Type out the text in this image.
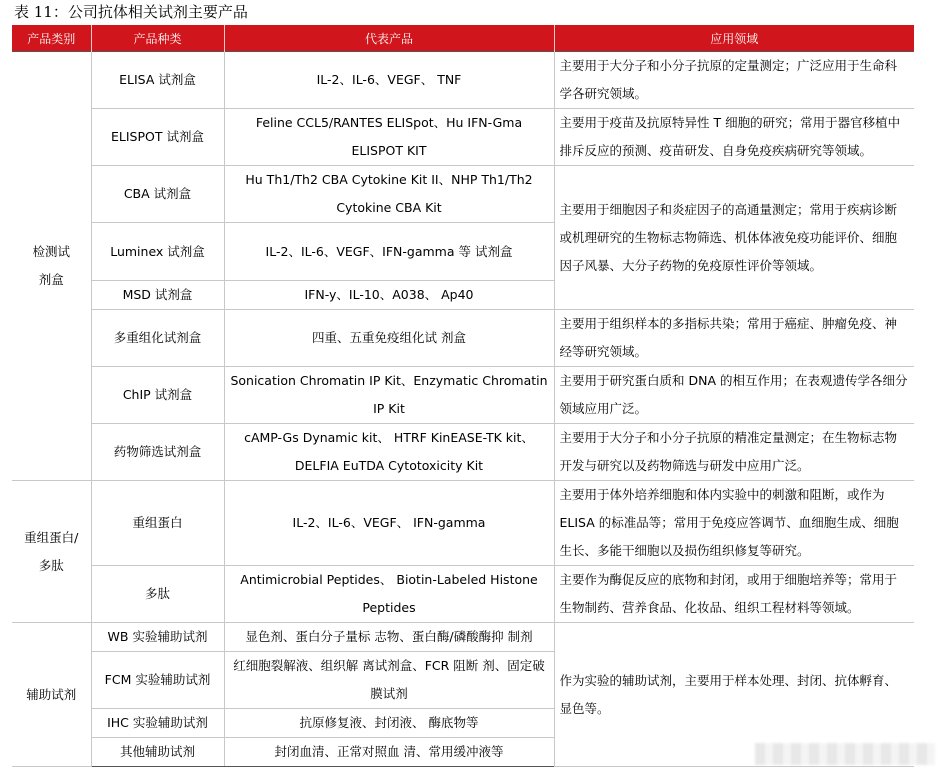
表 11：公司抗体相关试剂主要产品
产品类别	产品种类	代表产品	应用领域

检测试剂盒	ELISA 试剂盒	IL-2、IL-6、VEGF、 TNF	主要用于大分子和小分子抗原的定量测定；广泛应用于生命科学各研究领域。
	ELISPOT 试剂盒	Feline CCL5/RANTES ELISpot、Hu IFN-Gma ELISPOT KIT	主要用于疫苗及抗原特异性 T 细胞的研究；常用于器官移植中排斥反应的预测、疫苗研发、自身免疫疾病研究等领域。
	CBA 试剂盒	Hu Th1/Th2 CBA Cytokine Kit II、NHP Th1/Th2 Cytokine CBA Kit	主要用于细胞因子和炎症因子的高通量测定；常用于疾病诊断或机理研究的生物标志物筛选、机体体液免疫功能评价、细胞因子风暴、大分子药物的免疫原性评价等领域。
	Luminex 试剂盒	IL-2、IL-6、VEGF、IFN-gamma 等 试剂盒	
	MSD 试剂盒	IFN-y、IL-10、A038、 Ap40	
	多重组化试剂盒	四重、五重免疫组化试 剂盒	主要用于组织样本的多指标共染；常用于癌症、肿瘤免疫、神经等研究领域。
	ChIP 试剂盒	Sonication Chromatin IP Kit、Enzymatic Chromatin IP Kit	主要用于研究蛋白质和 DNA 的相互作用；在表观遗传学各细分领域应用广泛。
	药物筛选试剂盒	cAMP-Gs Dynamic kit、 HTRF KinEASE-TK kit、DELFIA EuTDA Cytotoxicity Kit	主要用于大分子和小分子抗原的精准定量测定；在生物标志物开发与研究以及药物筛选与研发中应用广泛。

重组蛋白/多肽	重组蛋白	IL-2、IL-6、VEGF、 IFN-gamma	主要用于体外培养细胞和体内实验中的刺激和阻断，或作为 ELISA 的标准品等；常用于免疫应答调节、血细胞生成、细胞生长、多能干细胞以及损伤组织修复等研究。
	多肽	Antimicrobial Peptides、 Biotin-Labeled Histone Peptides	主要作为酶促反应的底物和封闭，或用于细胞培养等；常用于生物制药、营养食品、化妆品、组织工程材料等领域。
辅助试剂	WB 实验辅助试剂	显色剂、蛋白分子量标 志物、蛋白酶/磷酸酶抑 制剂	作为实验的辅助试剂，主要用于样本处理、封闭、抗体孵育、显色等。
	FCM 实验辅助试剂	红细胞裂解液、组织解 离试剂盒、FCR 阻断 剂、固定破膜试剂	
	IHC 实验辅助试剂	抗原修复液、封闭液、 酶底物等	
	其他辅助试剂	封闭血清、正常对照血 清、常用缓冲液等	
